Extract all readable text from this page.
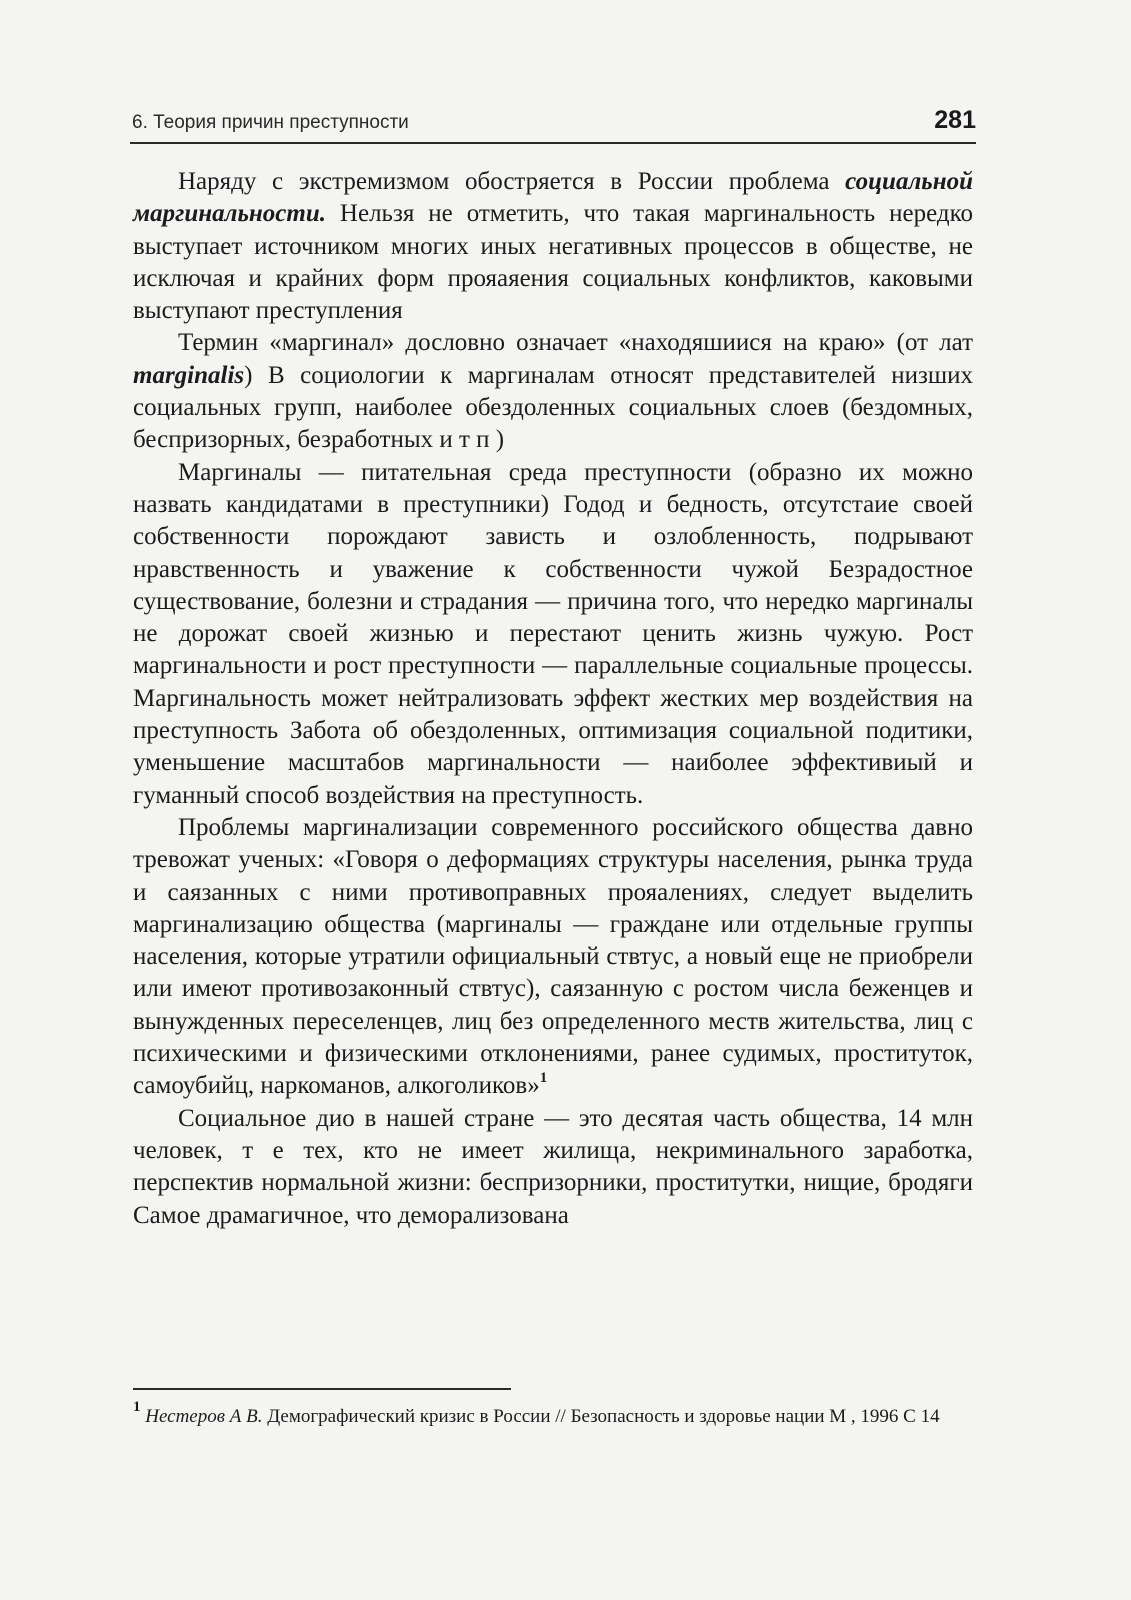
6. Теория причин преступности	281

Наряду с экстремизмом обостряется в России проблема социальной маргинальности. Нельзя не отметить, что такая маргинальность нередко выступает источником многих иных негативных процессов в обществе, не исключая и крайних форм прояаяения социальных конфликтов, каковыми выступают преступления

Термин «маргинал» дословно означает «находяшиися на краю» (от лат marginalis) В социологии к маргиналам относят представителей низших социальных групп, наиболее обездоленных социальных слоев (бездомных, беспризорных, безработных и т п )

Маргиналы — питательная среда преступности (образно их можно назвать кандидатами в преступники) Годод и бедность, отсутстаие своей собственности порождают зависть и озлобленность, подрывают нравственность и уважение к собственности чужой Безрадостное существование, болезни и страдания — причина того, что нередко маргиналы не дорожат своей жизнью и перестают ценить жизнь чужую. Рост маргинальности и рост преступности — параллельные социальные процессы. Маргинальность может нейтрализовать эффект жестких мер воздействия на преступность Забота об обездоленных, оптимизация социальной подитики, уменьшение масштабов маргинальности — наиболее эффективиый и гуманный способ воздействия на преступность.

Проблемы маргинализации современного российского общества давно тревожат ученых: «Говоря о деформациях структуры населения, рынка труда и саязанных с ними противоправных прояалениях, следует выделить маргинализацию общества (маргиналы — граждане или отдельные группы населения, которые утратили официальный ствтус, а новый еще не приобрели или имеют противозаконный ствтус), саязанную с ростом числа беженцев и вынужденных переселенцев, лиц без определенного меств жительства, лиц с психическими и физическими отклонениями, ранее судимых, проституток, самоубийц, наркоманов, алкоголиков»$^1$

Социальное дио в нашей стране — это десятая часть общества, 14 млн человек, т е тех, кто не имеет жилища, некриминального заработка, перспектив нормальной жизни: беспризорники, проститутки, нищие, бродяги Самое драмагичное, что деморализована

$^1$ Нестеров А В. Демографический кризис в России // Безопасность и здоровье нации М , 1996 С 14
